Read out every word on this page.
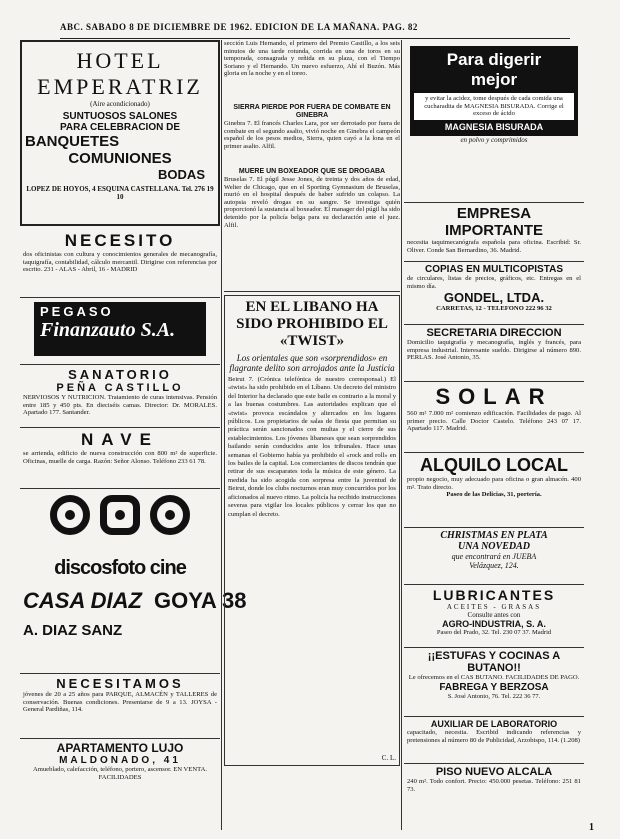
ABC. SABADO 8 DE DICIEMBRE DE 1962. EDICION DE LA MAÑANA. PAG. 82
HOTEL EMPERATRIZ
(Aire acondicionado)
SUNTUOSOS SALONES
PARA CELEBRACION DE
BANQUETES
COMUNIONES
BODAS
LOPEZ DE HOYOS, 4 ESQUINA CASTELLANA. Tel. 276 19 10
NECESITO
dos oficinistas con cultura y conocimientos generales de mecanografía, taquigrafía, contabilidad, cálculo mercantil. Dirigirse con referencias por escrito. 231 - ALAS - Abril, 16 - MADRID
PEGASO
Finanzauto S.A.
SANATORIO
PEÑA CASTILLO
NERVIOSOS Y NUTRICION. Tratamiento de curas intensivas. Pensión entre 185 y 450 pts. En dieciséis camas. Director: Dr. MORALES. Apartado 177. Santander.
NAVE
se arrienda, edificio de nueva construcción con 800 m² de superficie. Oficinas, muelle de carga. Razón: Señor Alonso. Teléfono 233 61 78.

discosfoto cine
CASA DIAZ GOYA 38
A. DIAZ SANZ
NECESITAMOS
jóvenes de 20 a 25 años para PARQUE, ALMACÉN y TALLERES de conservación. Buenas condiciones. Presentarse de 9 a 13. JOYSA - General Pardiñas, 114.
APARTAMENTO LUJO
MALDONADO, 41
Amueblado, calefacción, teléfono, portero, ascensor. EN VENTA. FACILIDADES
sección Luis Hernando, el primero del Premio Castillo, a los seis minutos de una tarde rotunda, corrida en una de toros en su temporada, consagrada y reñida en su plaza, con el Tiempo Soriano y el Hernando. Un nuevo esfuerzo, Ahí el Buzón. Más gloria en la noche y en el toreo.
SIERRA PIERDE POR FUERA DE COMBATE EN GINEBRA
Ginebra 7. El francés Charles Lara, por ser derrotado por fuera de combate en el segundo asalto, vivió noche en Ginebra el campeón español de los pesos medios, Sierra, quien cayó a la lona en el primer asalto. Alfil.
MUERE UN BOXEADOR QUE SE DROGABA
Bruselas 7. El púgil Jesse Jones, de treinta y dos años de edad, Welter de Chicago, que en el Sporting Gymnasium de Bruselas, murió en el hospital después de haber sufrido un colapso. La autopsia reveló drogas en su sangre. Se investiga quién proporcionó la sustancia al boxeador. El manager del púgil ha sido detenido por la policía belga para su declaración ante el juez. Alfil.
EN EL LIBANO HA SIDO PROHIBIDO EL «TWIST»
Los orientales que son «sorprendidos» en flagrante delito son arrojados ante la Justicia
Beirut 7. (Crónica telefónica de nuestro corresponsal.) El «twist» ha sido prohibido en el Líbano. Un decreto del ministro del Interior ha declarado que este baile es contrario a la moral y a las buenas costumbres. Las autoridades explican que el «twist» provoca escándalos y altercados en los lugares públicos. Los propietarios de salas de fiesta que permitan su práctica serán sancionados con multas y el cierre de sus establecimientos. Los jóvenes libaneses que sean sorprendidos bailando serán conducidos ante los tribunales. Hace unas semanas el Gobierno había ya prohibido el «rock and roll» en los bailes de la capital. Los comerciantes de discos tendrán que retirar de sus escaparates toda la música de este género. La medida ha sido acogida con sorpresa entre la juventud de Beirut, donde los clubs nocturnos eran muy concurridos por los aficionados al nuevo ritmo. La policía ha recibido instrucciones severas para vigilar los locales públicos y cerrar los que no cumplan el decreto.
C. L.
Para digerir
mejor
y evitar la acidez, tome después de cada comida una cucharadita de MAGNESIA BISURADA. Corrige el exceso de ácido
MAGNESIA BISURADA
en polvo y comprimidos
EMPRESA IMPORTANTE
necesita taquimecanógrafa española para oficina. Escribid: Sr. Oliver. Conde San Bernardino, 36. Madrid.
COPIAS EN MULTICOPISTAS
de circulares, listas de precios, gráficos, etc. Entregas en el mismo día.
GONDEL, LTDA.
CARRETAS, 12 - TELEFONO 222 96 32
SECRETARIA DIRECCION
Domicilio taquigrafía y mecanografía, inglés y francés, para empresa industrial. Interesante sueldo. Dirigirse al número 890. PERLAS. José Antonio, 35.
SOLAR
560 m² 7.000 m² comienzo edificación. Facilidades de pago. Al primer precio. Calle Doctor Castelo. Teléfono 243 07 17. Apartado 117. Madrid.
ALQUILO LOCAL
propio negocio, muy adecuado para oficina o gran almacén. 400 m². Trato directo.
Paseo de las Delicias, 31, portería.
CHRISTMAS EN PLATA
UNA NOVEDAD
que encontrará en JUEBA
Velázquez, 124.
LUBRICANTES
ACEITES - GRASAS
Consulte antes con
AGRO-INDUSTRIA, S. A.
Paseo del Prado, 32. Tel. 230 07 37. Madrid
¡¡ESTUFAS Y COCINAS A BUTANO!!
Le ofrecemos en el CAS BUTANO. FACILIDADES DE PAGO.
FABREGA Y BERZOSA
S. José Antonio, 76. Tel. 222 36 77.
AUXILIAR DE LABORATORIO
capacitado, necesita. Escribid indicando referencias y pretensiones al número 80 de Publicidad, Arzobispo, 114. (1.208)
PISO NUEVO ALCALA
240 m². Todo confort. Precio: 450.000 pesetas. Teléfono: 251 81 73.
1
